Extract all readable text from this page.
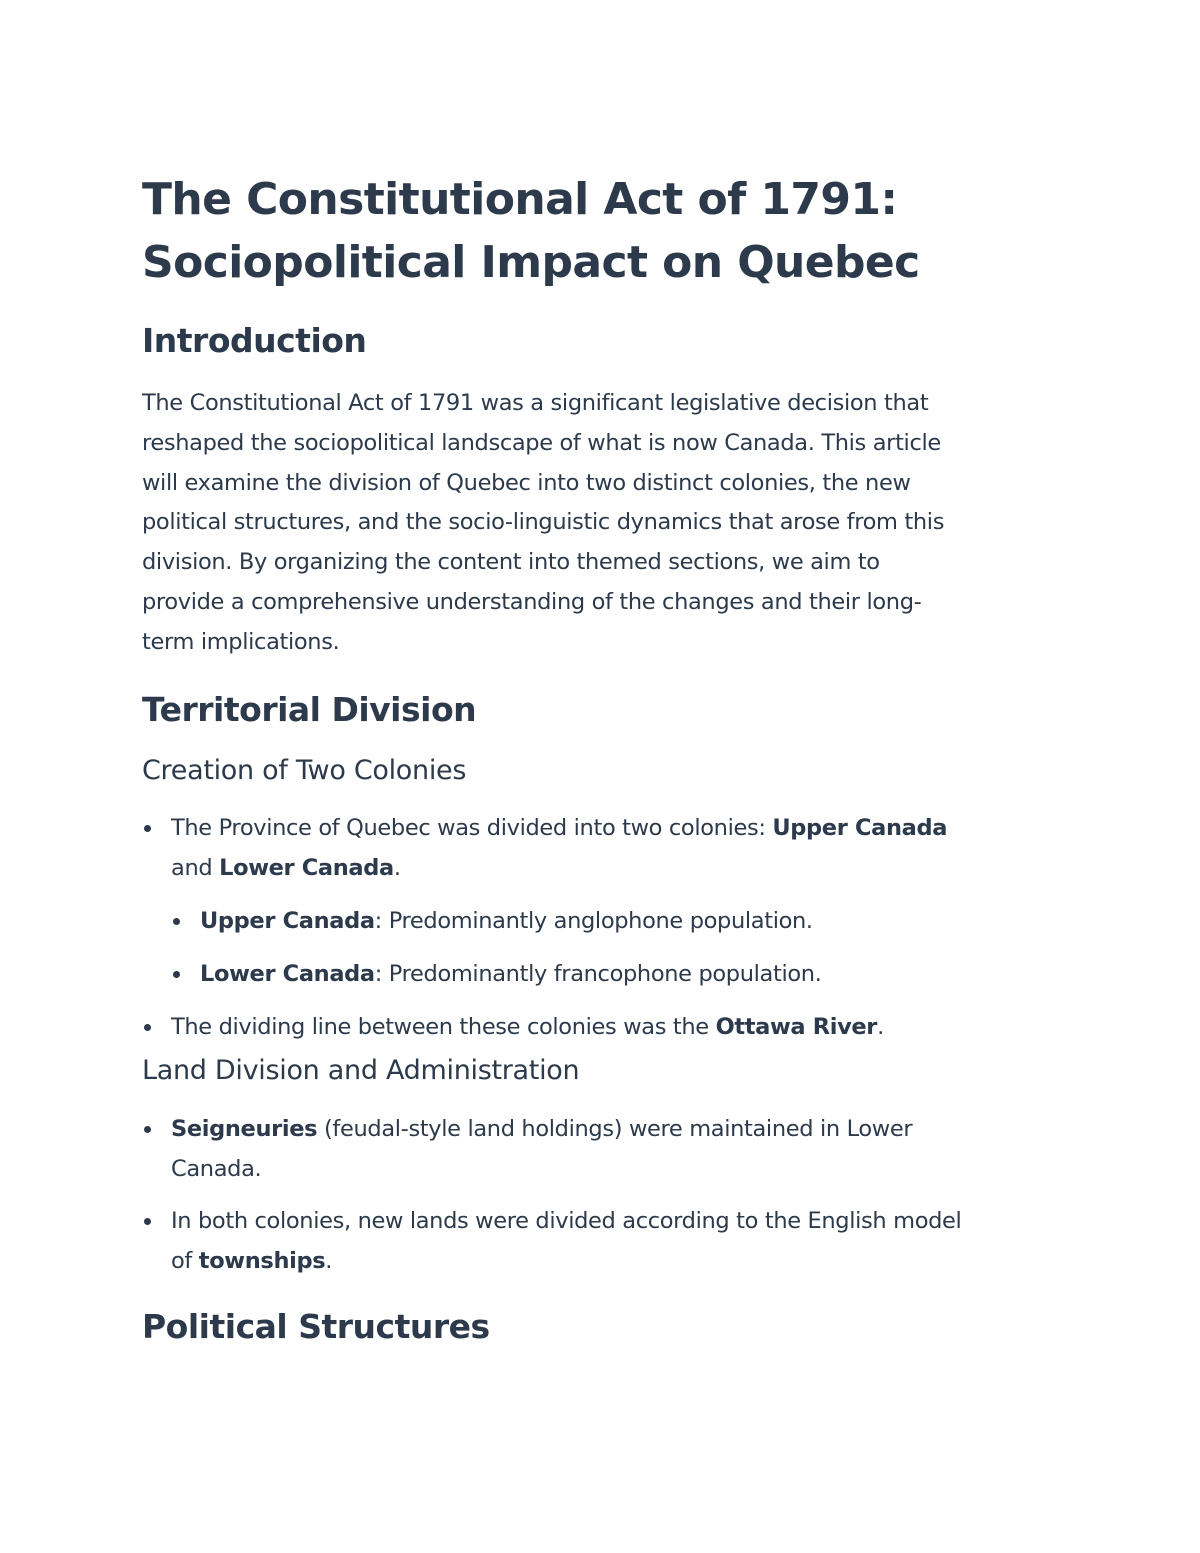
The Constitutional Act of 1791:
Sociopolitical Impact on Quebec
Introduction

The Constitutional Act of 1791 was a significant legislative decision that
reshaped the sociopolitical landscape of what is now Canada. This article
will examine the division of Quebec into two distinct colonies, the new
political structures, and the socio-linguistic dynamics that arose from this
division. By organizing the content into themed sections, we aim to
provide a comprehensive understanding of the changes and their long-
term implications.

Territorial Division
Creation of Two Colonies
The Province of Quebec was divided into two colonies: Upper Canada
and Lower Canada.
Upper Canada: Predominantly anglophone population.
Lower Canada: Predominantly francophone population.
The dividing line between these colonies was the Ottawa River.
Land Division and Administration
Seigneuries (feudal-style land holdings) were maintained in Lower
Canada.
In both colonies, new lands were divided according to the English model
of townships.
Political Structures
